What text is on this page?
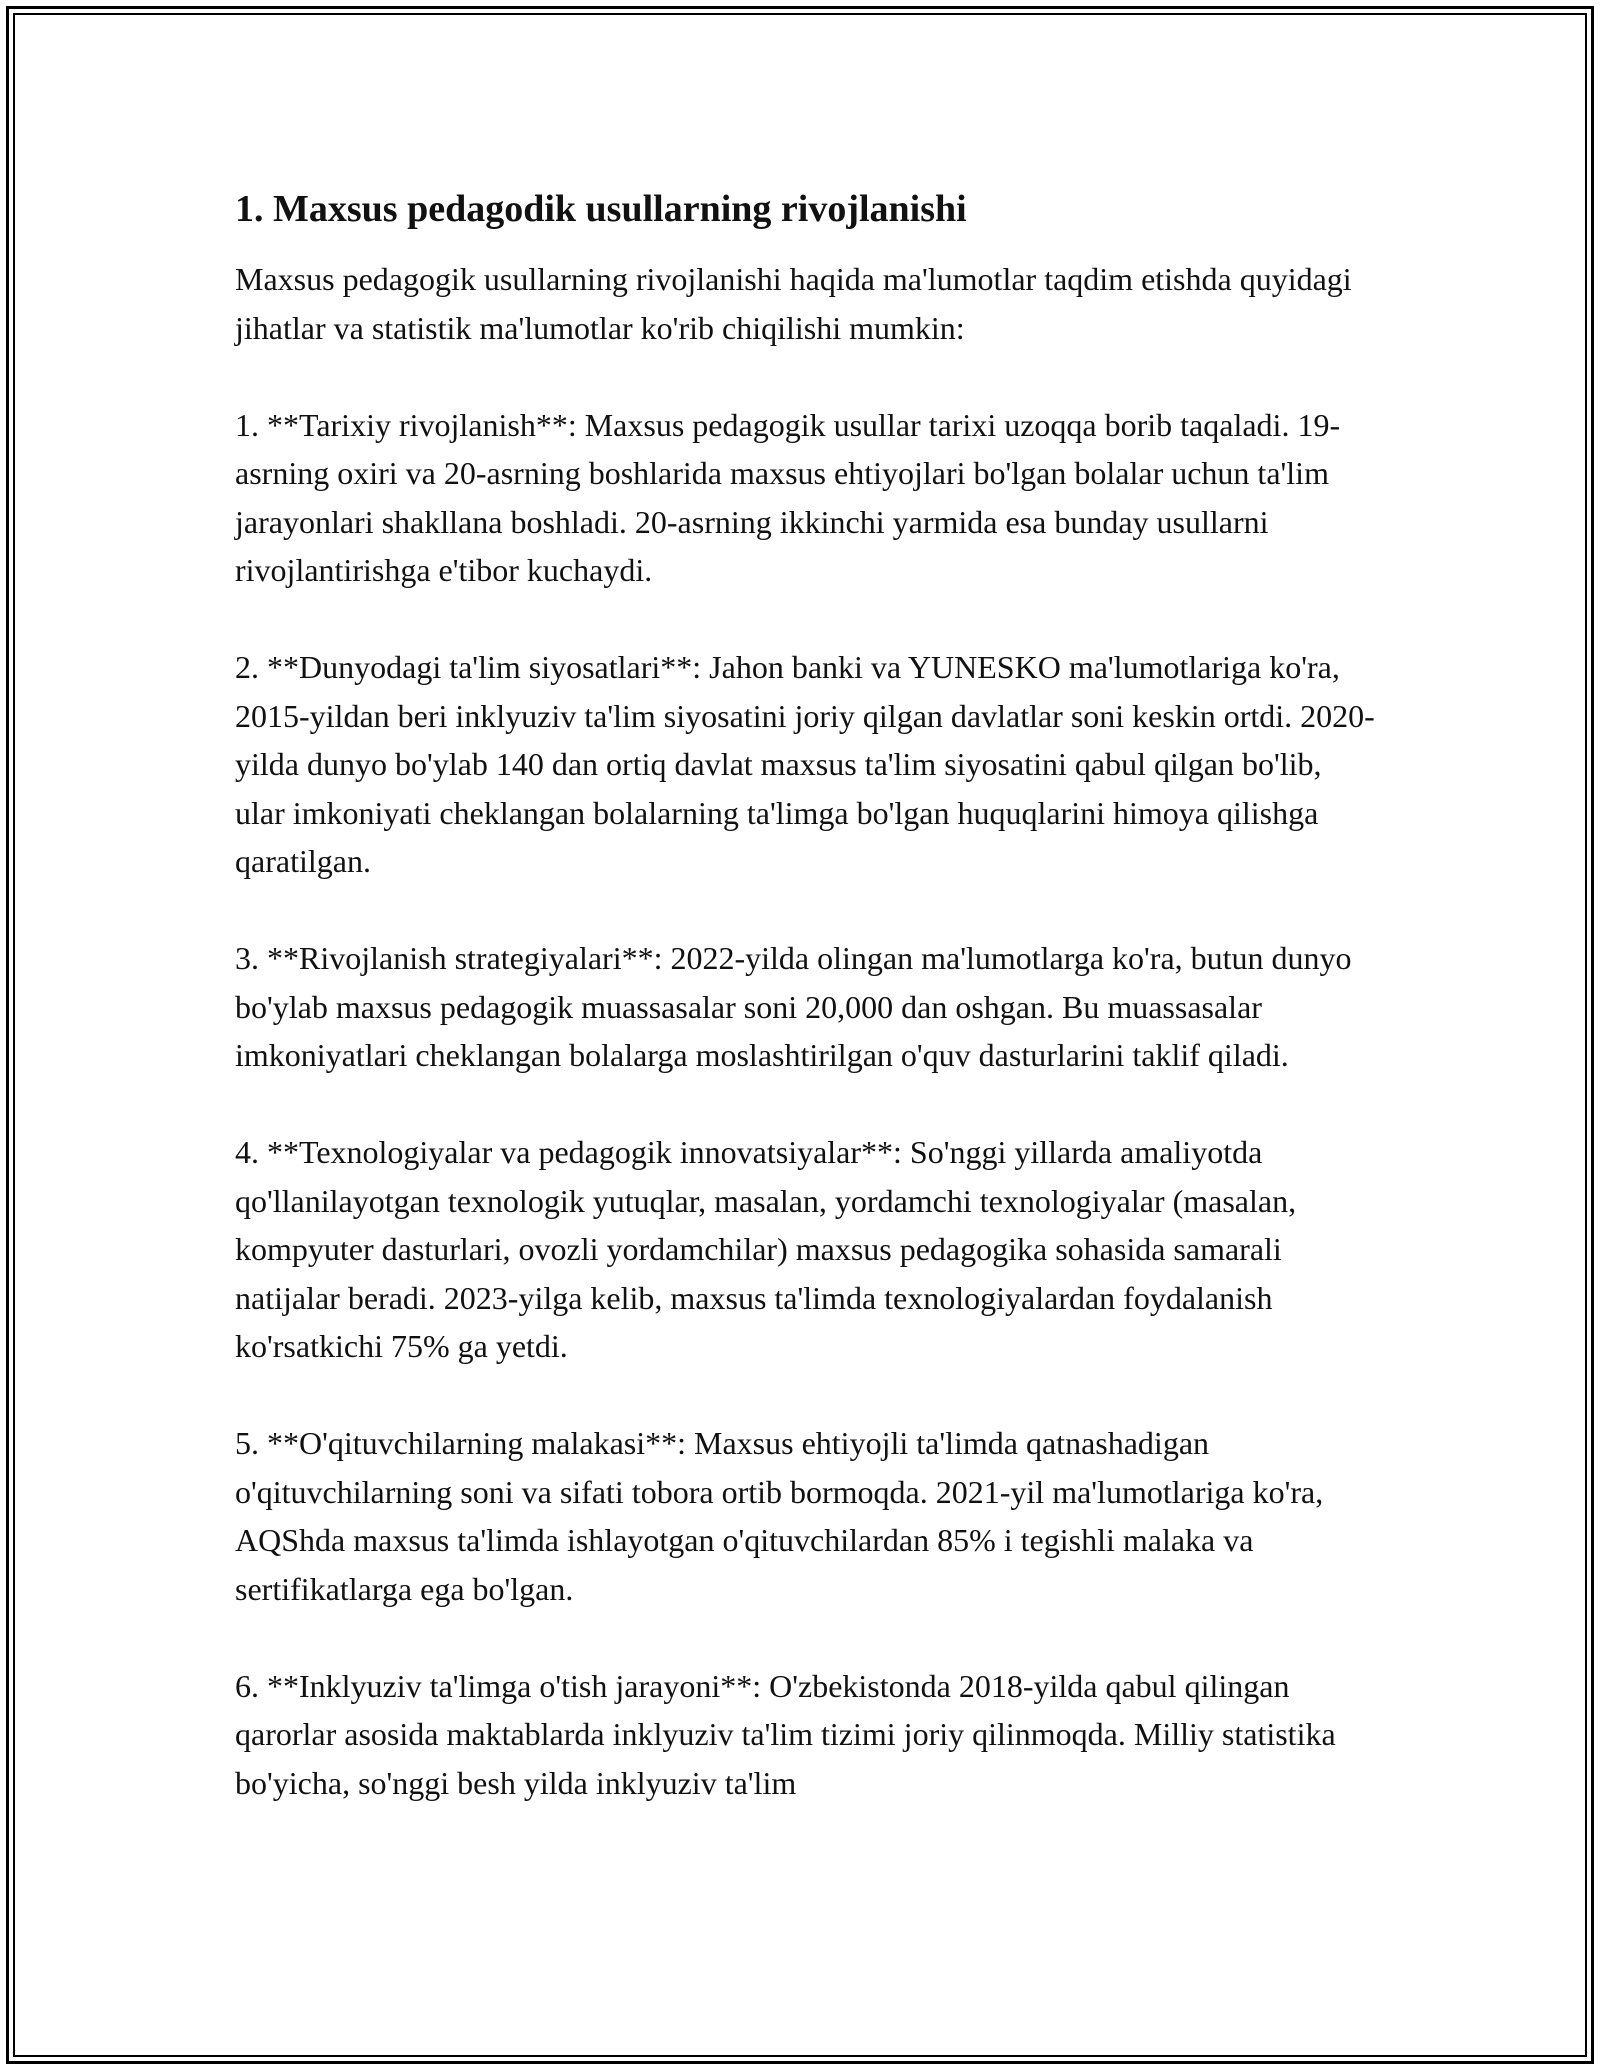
1. Maxsus pedagodik usullarning rivojlanishi

Maxsus pedagogik usullarning rivojlanishi haqida ma'lumotlar taqdim etishda quyidagi jihatlar va statistik ma'lumotlar ko'rib chiqilishi mumkin:

1. **Tarixiy rivojlanish**: Maxsus pedagogik usullar tarixi uzoqqa borib taqaladi. 19-asrning oxiri va 20-asrning boshlarida maxsus ehtiyojlari bo'lgan bolalar uchun ta'lim jarayonlari shakllana boshladi. 20-asrning ikkinchi yarmida esa bunday usullarni rivojlantirishga e'tibor kuchaydi.

2. **Dunyodagi ta'lim siyosatlari**: Jahon banki va YUNESKO ma'lumotlariga ko'ra, 2015-yildan beri inklyuziv ta'lim siyosatini joriy qilgan davlatlar soni keskin ortdi. 2020-yilda dunyo bo'ylab 140 dan ortiq davlat maxsus ta'lim siyosatini qabul qilgan bo'lib, ular imkoniyati cheklangan bolalarning ta'limga bo'lgan huquqlarini himoya qilishga qaratilgan.

3. **Rivojlanish strategiyalari**: 2022-yilda olingan ma'lumotlarga ko'ra, butun dunyo bo'ylab maxsus pedagogik muassasalar soni 20,000 dan oshgan. Bu muassasalar imkoniyatlari cheklangan bolalarga moslashtirilgan o'quv dasturlarini taklif qiladi.

4. **Texnologiyalar va pedagogik innovatsiyalar**: So'nggi yillarda amaliyotda qo'llanilayotgan texnologik yutuqlar, masalan, yordamchi texnologiyalar (masalan, kompyuter dasturlari, ovozli yordamchilar) maxsus pedagogika sohasida samarali natijalar beradi. 2023-yilga kelib, maxsus ta'limda texnologiyalardan foydalanish ko'rsatkichi 75% ga yetdi.

5. **O'qituvchilarning malakasi**: Maxsus ehtiyojli ta'limda qatnashadigan o'qituvchilarning soni va sifati tobora ortib bormoqda. 2021-yil ma'lumotlariga ko'ra, AQShda maxsus ta'limda ishlayotgan o'qituvchilardan 85% i tegishli malaka va sertifikatlarga ega bo'lgan.

6. **Inklyuziv ta'limga o'tish jarayoni**: O'zbekistonda 2018-yilda qabul qilingan qarorlar asosida maktablarda inklyuziv ta'lim tizimi joriy qilinmoqda. Milliy statistika bo'yicha, so'nggi besh yilda inklyuziv ta'lim
